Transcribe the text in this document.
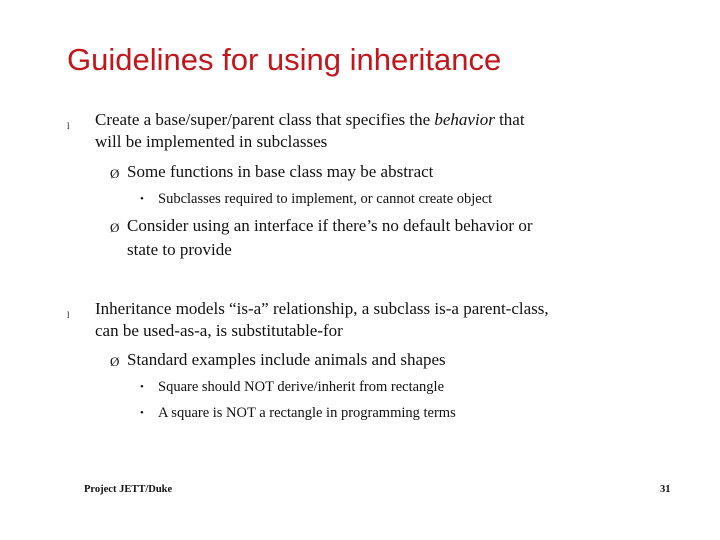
Guidelines for using inheritance
l Create a base/super/parent class that specifies the behavior that
will be implemented in subclasses
Ø Some functions in base class may be abstract
• Subclasses required to implement, or cannot create object
Ø Consider using an interface if there’s no default behavior or
state to provide
l Inheritance models “is-a” relationship, a subclass is-a parent-class,
can be used-as-a, is substitutable-for
Ø Standard examples include animals and shapes
• Square should NOT derive/inherit from rectangle
• A square is NOT a rectangle in programming terms
Project JETT/Duke	31
